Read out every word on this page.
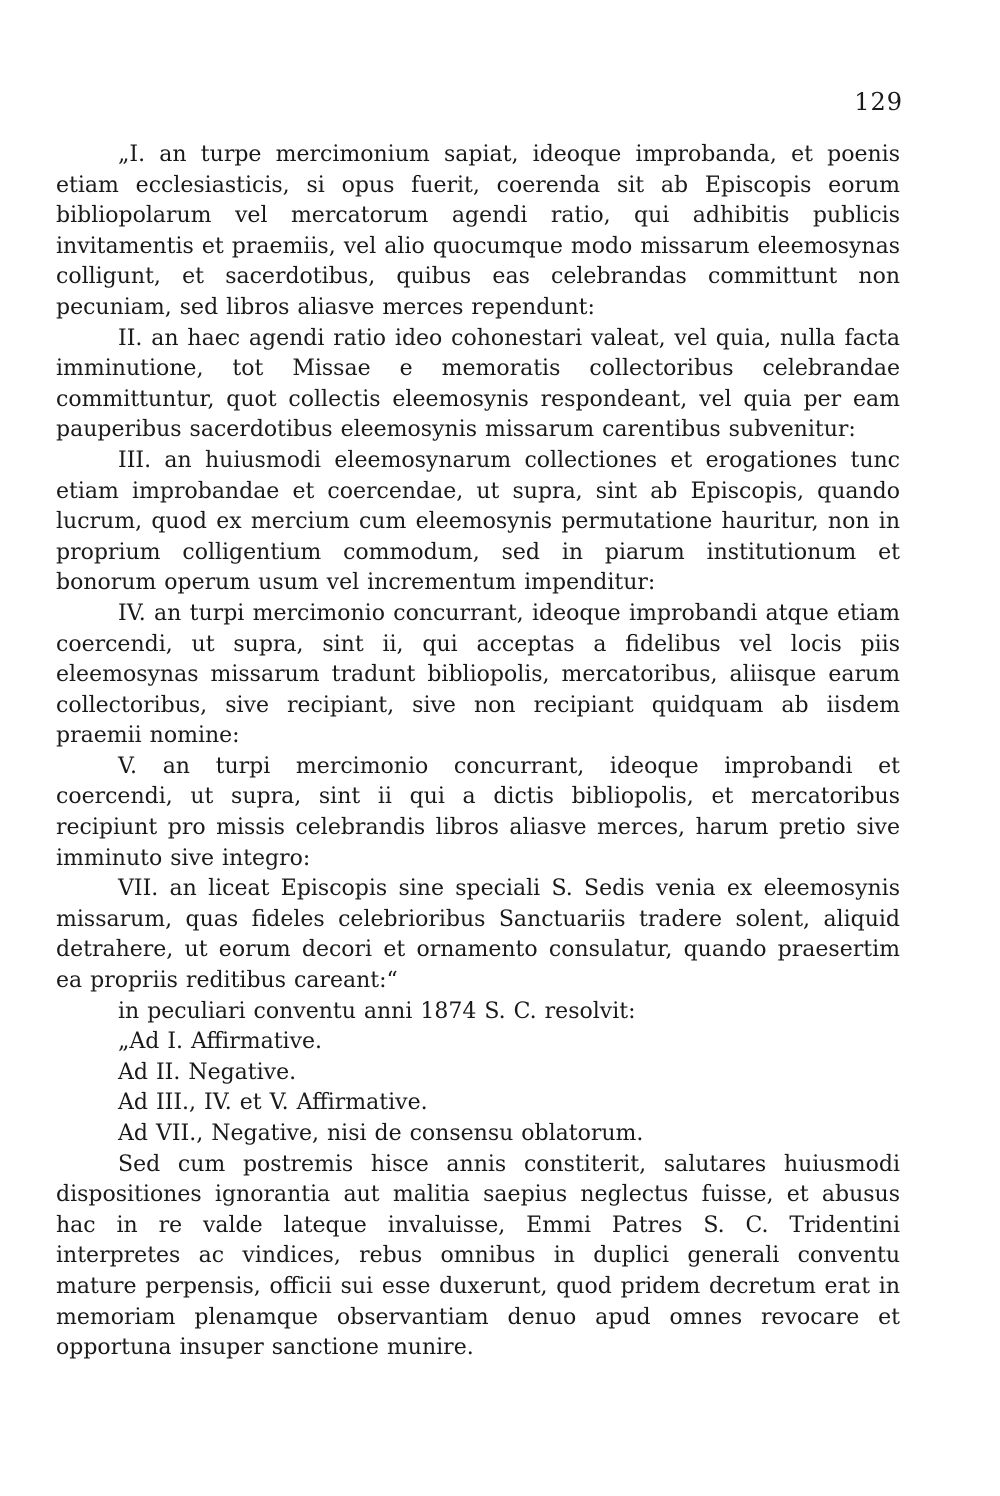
129

„I. an turpe mercimonium sapiat, ideoque improbanda, et poenis etiam ecclesiasticis, si opus fuerit, coerenda sit ab Episcopis eorum bibliopolarum vel mercatorum agendi ratio, qui adhibitis publicis invitamentis et praemiis, vel alio quocumque modo missarum eleemosynas colligunt, et sacerdotibus, quibus eas celebrandas committunt non pecuniam, sed libros aliasve merces rependunt:

II. an haec agendi ratio ideo cohonestari valeat, vel quia, nulla facta imminutione, tot Missae e memoratis collectoribus celebrandae committuntur, quot collectis eleemosynis respondeant, vel quia per eam pauperibus sacerdotibus eleemosynis missarum carentibus subvenitur:

III. an huiusmodi eleemosynarum collectiones et erogationes tunc etiam improbandae et coercendae, ut supra, sint ab Episcopis, quando lucrum, quod ex mercium cum eleemosynis permutatione hauritur, non in proprium colligentium commodum, sed in piarum institutionum et bonorum operum usum vel incrementum impenditur:

IV. an turpi mercimonio concurrant, ideoque improbandi atque etiam coercendi, ut supra, sint ii, qui acceptas a fidelibus vel locis piis eleemosynas missarum tradunt bibliopolis, mercatoribus, aliisque earum collectoribus, sive recipiant, sive non recipiant quidquam ab iisdem praemii nomine:

V. an turpi mercimonio concurrant, ideoque improbandi et coercendi, ut supra, sint ii qui a dictis bibliopolis, et mercatoribus recipiunt pro missis celebrandis libros aliasve merces, harum pretio sive imminuto sive integro:

VII. an liceat Episcopis sine speciali S. Sedis venia ex eleemosynis missarum, quas fideles celebrioribus Sanctuariis tradere solent, aliquid detrahere, ut eorum decori et ornamento consulatur, quando praesertim ea propriis reditibus careant:“

in peculiari conventu anni 1874 S. C. resolvit:

„Ad I. Affirmative.

Ad II. Negative.

Ad III., IV. et V. Affirmative.

Ad VII., Negative, nisi de consensu oblatorum.

Sed cum postremis hisce annis constiterit, salutares huiusmodi dispositiones ignorantia aut malitia saepius neglectus fuisse, et abusus hac in re valde lateque invaluisse, Emmi Patres S. C. Tridentini interpretes ac vindices, rebus omnibus in duplici generali conventu mature perpensis, officii sui esse duxerunt, quod pridem decretum erat in memoriam plenamque observantiam denuo apud omnes revocare et opportuna insuper sanctione munire.
